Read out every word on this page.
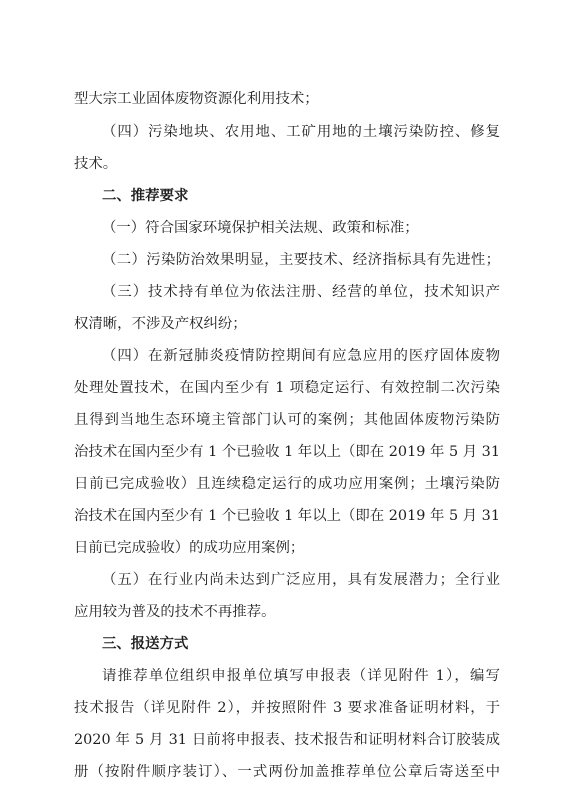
型大宗工业固体废物资源化利用技术；
（四）污染地块、农用地、工矿用地的土壤污染防控、修复
技术。
二、推荐要求
（一）符合国家环境保护相关法规、政策和标准；
（二）污染防治效果明显，主要技术、经济指标具有先进性；
（三）技术持有单位为依法注册、经营的单位，技术知识产
权清晰，不涉及产权纠纷；
（四）在新冠肺炎疫情防控期间有应急应用的医疗固体废物
处理处置技术，在国内至少有 1 项稳定运行、有效控制二次污染
且得到当地生态环境主管部门认可的案例；其他固体废物污染防
治技术在国内至少有 1 个已验收 1 年以上（即在 2019 年 5 月 31
日前已完成验收）且连续稳定运行的成功应用案例；土壤污染防
治技术在国内至少有 1 个已验收 1 年以上（即在 2019 年 5 月 31
日前已完成验收）的成功应用案例；
（五）在行业内尚未达到广泛应用，具有发展潜力；全行业
应用较为普及的技术不再推荐。
三、报送方式
请推荐单位组织申报单位填写申报表（详见附件 1），编写
技术报告（详见附件 2），并按照附件 3 要求准备证明材料，于
2020 年 5 月 31 日前将申报表、技术报告和证明材料合订胶装成
册（按附件顺序装订）、一式两份加盖推荐单位公章后寄送至中
